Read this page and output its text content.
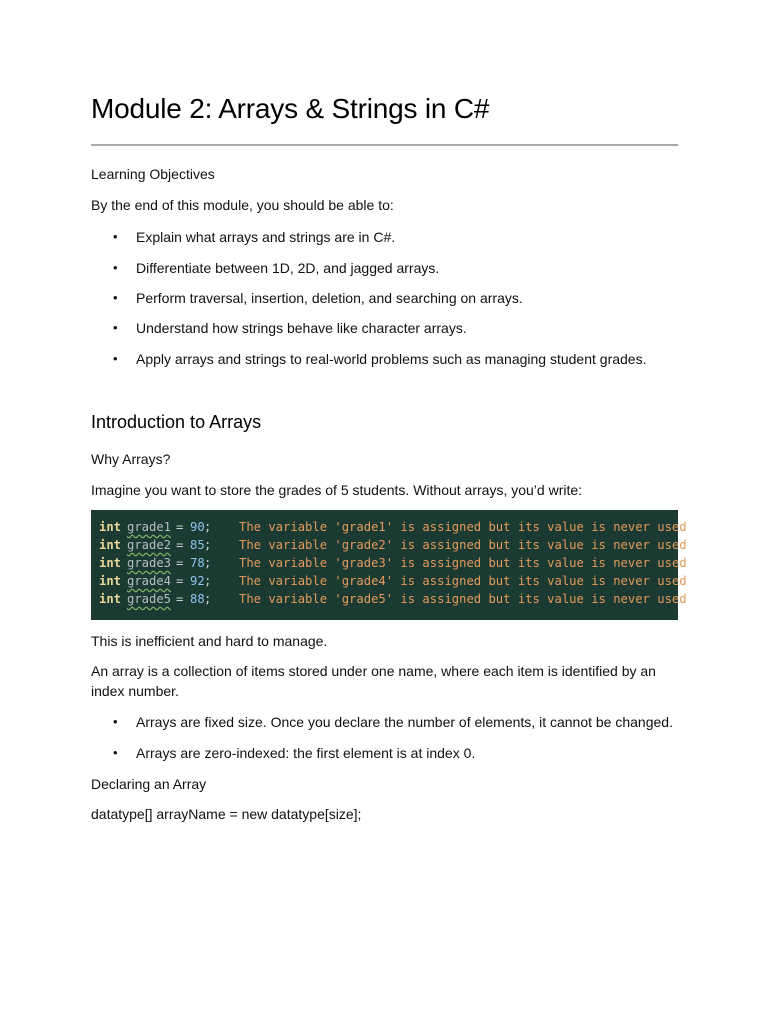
Module 2: Arrays & Strings in C#

Learning Objectives

By the end of this module, you should be able to:

• Explain what arrays and strings are in C#.
• Differentiate between 1D, 2D, and jagged arrays.
• Perform traversal, insertion, deletion, and searching on arrays.
• Understand how strings behave like character arrays.
• Apply arrays and strings to real-world problems such as managing student grades.
Introduction to Arrays

Why Arrays?

Imagine you want to store the grades of 5 students. Without arrays, you’d write:

int grade1 = 90 ; The variable 'grade1' is assigned but its value is never used
int grade2 = 85 ; The variable 'grade2' is assigned but its value is never used
int grade3 = 78 ; The variable 'grade3' is assigned but its value is never used
int grade4 = 92 ; The variable 'grade4' is assigned but its value is never used
int grade5 = 88 ; The variable 'grade5' is assigned but its value is never used

This is inefficient and hard to manage.

An array is a collection of items stored under one name, where each item is identified by an

index number.

• Arrays are fixed size. Once you declare the number of elements, it cannot be changed.
• Arrays are zero-indexed: the first element is at index 0.

Declaring an Array

datatype[] arrayName = new datatype[size];
